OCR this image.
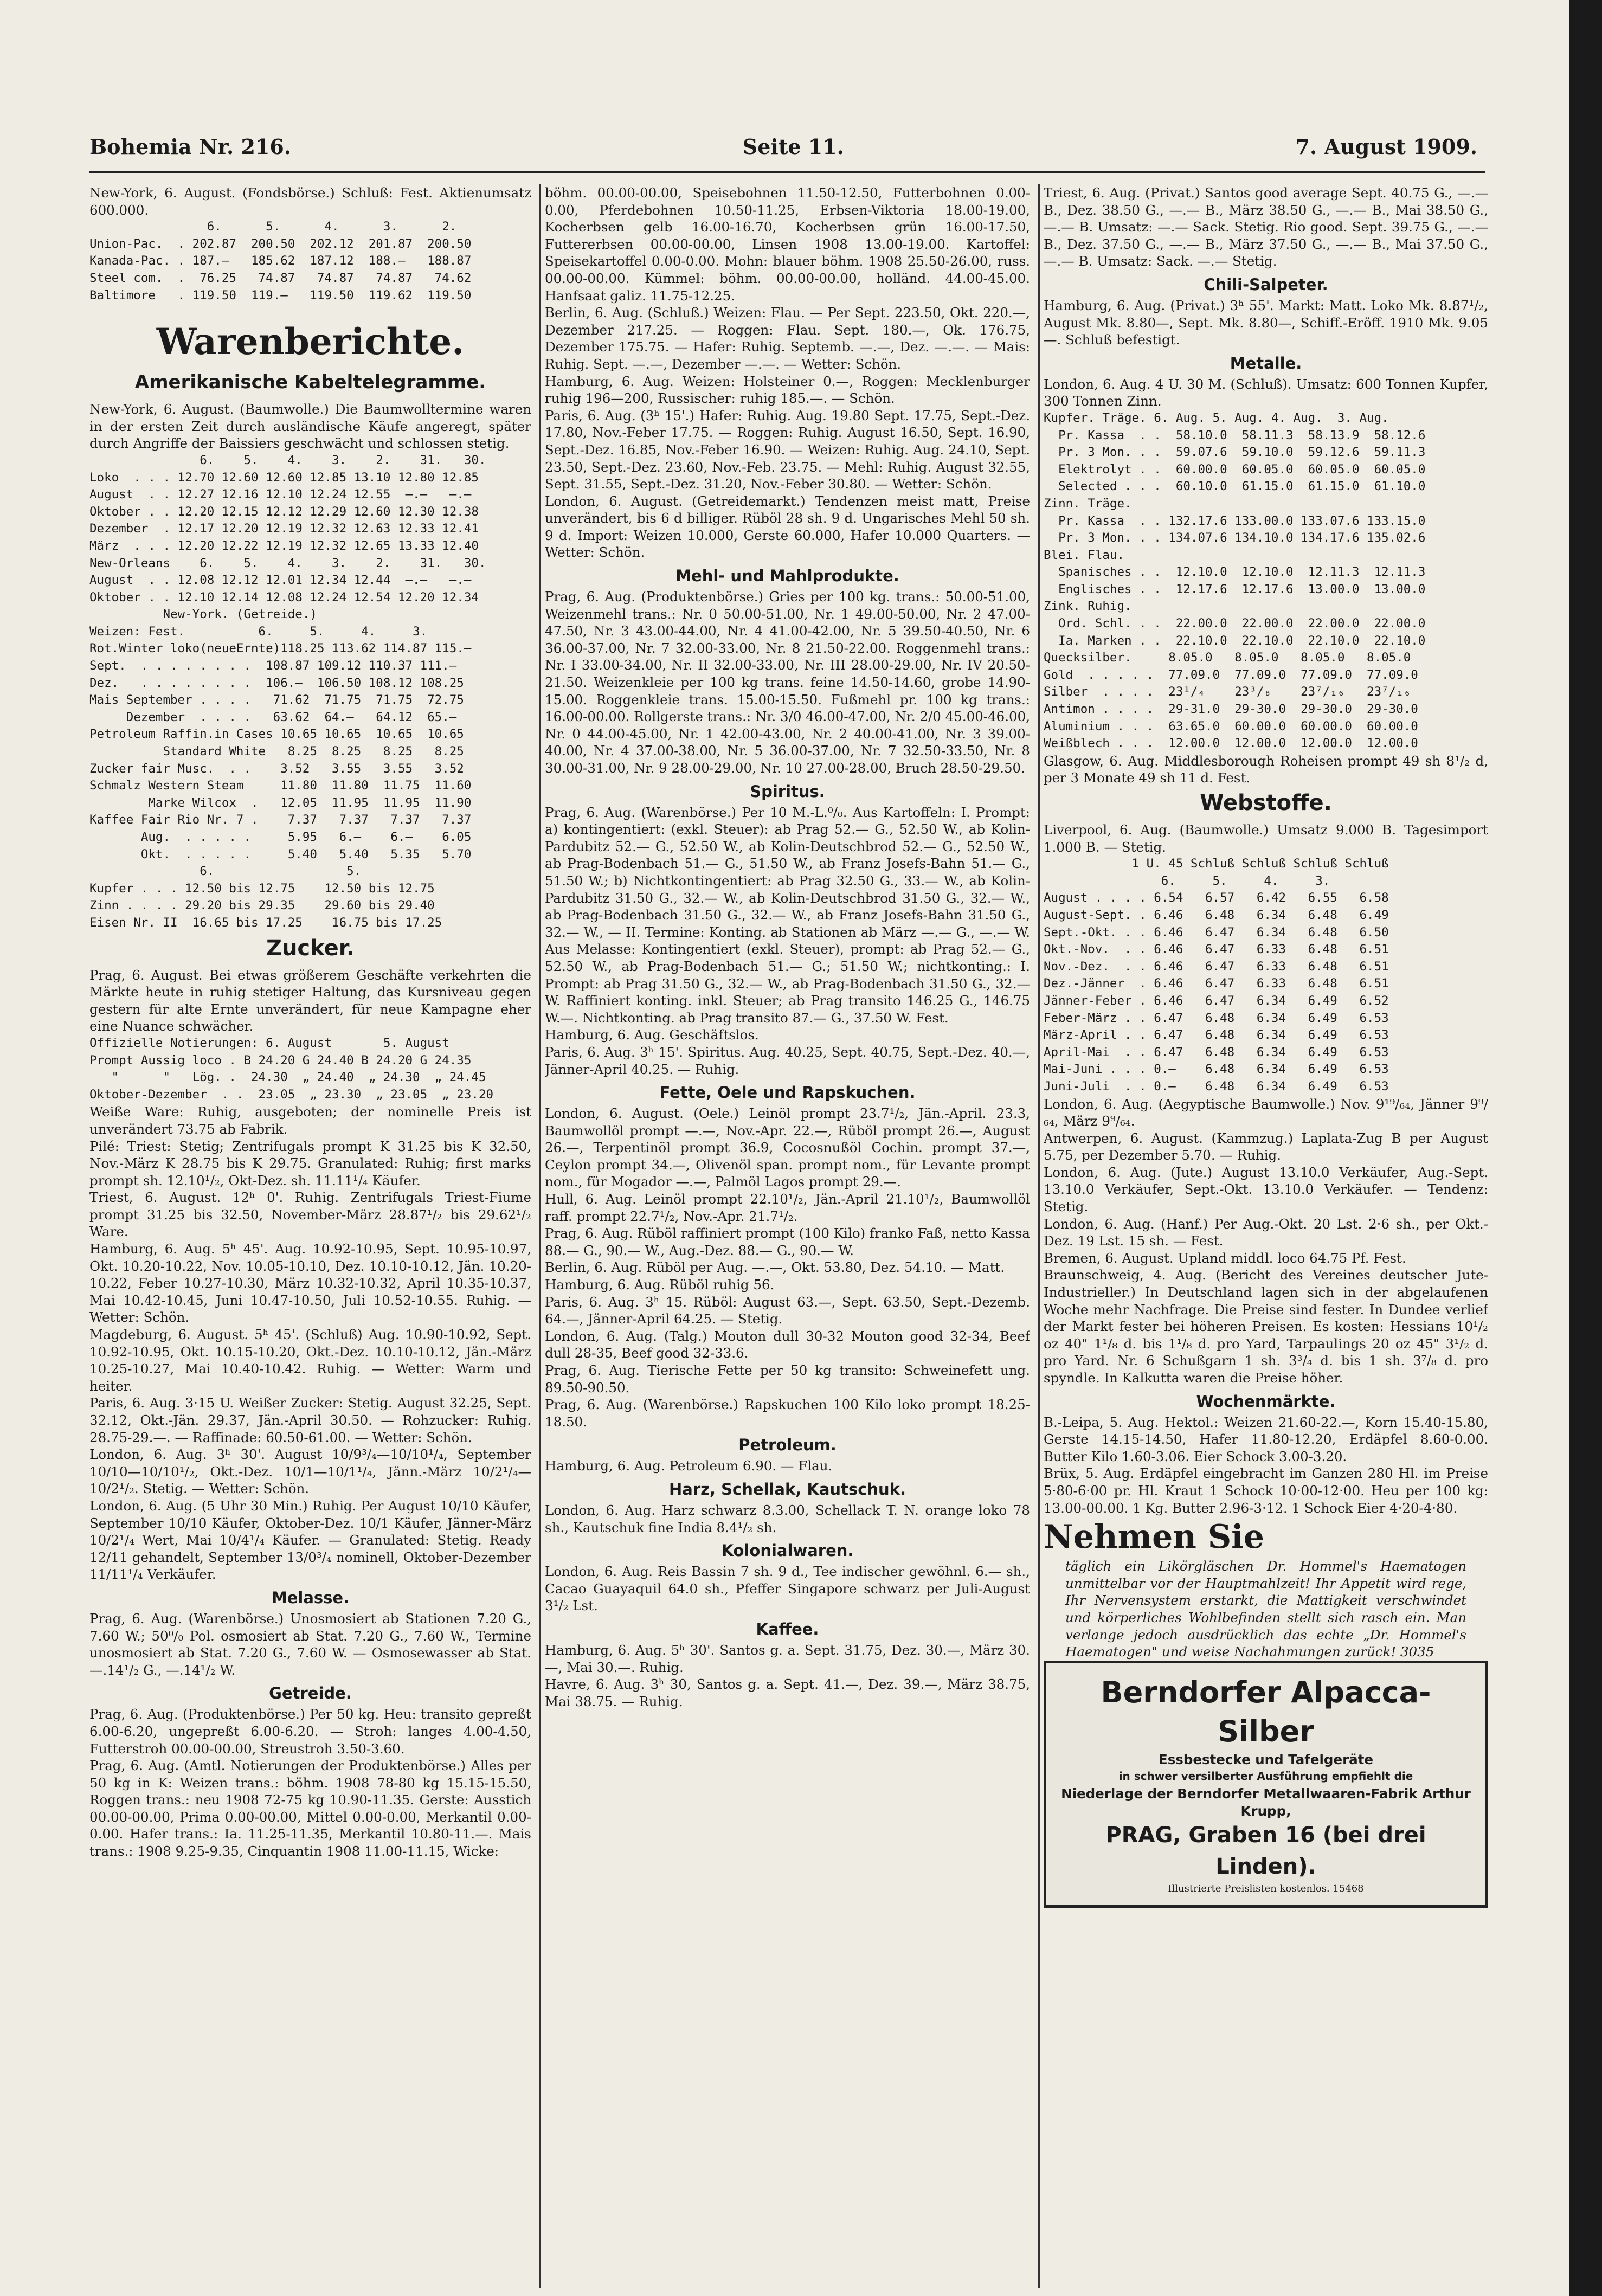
Bohemia Nr. 216.	Seite 11.	7. August 1909.

New-York, 6. August. (Fondsbörse.) Schluß: Fest. Aktienumsatz 600.000.

6.      5.      4.      3.      2.
Union-Pac.  . 202.87  200.50  202.12  201.87  200.50
Kanada-Pac. . 187.—   185.62  187.12  188.—   188.87
Steel com.  .  76.25   74.87   74.87   74.87   74.62
Baltimore   . 119.50  119.—   119.50  119.62  119.50
Warenberichte.
Amerikanische Kabeltelegramme.

New-York, 6. August. (Baumwolle.) Die Baumwolltermine waren in der ersten Zeit durch ausländische Käufe angeregt, später durch Angriffe der Baissiers geschwächt und schlossen stetig.

6.    5.    4.    3.    2.    31.   30.
Loko  . . . 12.70 12.60 12.60 12.85 13.10 12.80 12.85
August  . . 12.27 12.16 12.10 12.24 12.55  —.—   —.—
Oktober . . 12.20 12.15 12.12 12.29 12.60 12.30 12.38
Dezember  . 12.17 12.20 12.19 12.32 12.63 12.33 12.41
März  . . . 12.20 12.22 12.19 12.32 12.65 13.33 12.40
New-Orleans    6.    5.    4.    3.    2.    31.   30.
August  . . 12.08 12.12 12.01 12.34 12.44  —.—   —.—
Oktober . . 12.10 12.14 12.08 12.24 12.54 12.20 12.34
New-York. (Getreide.)
Weizen: Fest.          6.     5.     4.     3.
Rot.Winter loko(neueErnte)118.25 113.62 114.87 115.—
Sept.  . . . . . . . .  108.87 109.12 110.37 111.—
Dez.   . . . . . . . .  106.—  106.50 108.12 108.25
Mais September . . . .   71.62  71.75  71.75  72.75
Dezember  . . . .   63.62  64.—   64.12  65.—
Petroleum Raffin.in Cases 10.65 10.65  10.65  10.65
Standard White   8.25  8.25   8.25   8.25
Zucker fair Musc.  . .    3.52   3.55   3.55   3.52
Schmalz Western Steam     11.80  11.80  11.75  11.60
Marke Wilcox  .   12.05  11.95  11.95  11.90
Kaffee Fair Rio Nr. 7 .    7.37   7.37   7.37   7.37
Aug.  . . . . .     5.95   6.—    6.—    6.05
Okt.  . . . . .     5.40   5.40   5.35   5.70
6.                  5.
Kupfer . . . 12.50 bis 12.75    12.50 bis 12.75
Zinn . . . . 29.20 bis 29.35    29.60 bis 29.40
Eisen Nr. II  16.65 bis 17.25    16.75 bis 17.25
Zucker.

Prag, 6. August. Bei etwas größerem Geschäfte verkehrten die Märkte heute in ruhig stetiger Haltung, das Kursniveau gegen gestern für alte Ernte unverändert, für neue Kampagne eher eine Nuance schwächer.

Offizielle Notierungen: 6. August       5. August
Prompt Aussig loco . B 24.20 G 24.40 B 24.20 G 24.35
"      "   Lög. .  24.30  „ 24.40  „ 24.30  „ 24.45
Oktober-Dezember  . .  23.05  „ 23.30  „ 23.05  „ 23.20

Weiße Ware: Ruhig, ausgeboten; der nominelle Preis ist unverändert 73.75 ab Fabrik.

Pilé: Triest: Stetig; Zentrifugals prompt K 31.25 bis K 32.50, Nov.-März K 28.75 bis K 29.75. Granulated: Ruhig; first marks prompt sh. 12.10¹/₂, Okt-Dez. sh. 11.11¹/₄ Käufer.

Triest, 6. August. 12ʰ 0'. Ruhig. Zentrifugals Triest-Fiume prompt 31.25 bis 32.50, November-März 28.87¹/₂ bis 29.62¹/₂ Ware.

Hamburg, 6. Aug. 5ʰ 45'. Aug. 10.92-10.95, Sept. 10.95-10.97, Okt. 10.20-10.22, Nov. 10.05-10.10, Dez. 10.10-10.12, Jän. 10.20-10.22, Feber 10.27-10.30, März 10.32-10.32, April 10.35-10.37, Mai 10.42-10.45, Juni 10.47-10.50, Juli 10.52-10.55. Ruhig. — Wetter: Schön.

Magdeburg, 6. August. 5ʰ 45'. (Schluß) Aug. 10.90-10.92, Sept. 10.92-10.95, Okt. 10.15-10.20, Okt.-Dez. 10.10-10.12, Jän.-März 10.25-10.27, Mai 10.40-10.42. Ruhig. — Wetter: Warm und heiter.

Paris, 6. Aug. 3·15 U. Weißer Zucker: Stetig. August 32.25, Sept. 32.12, Okt.-Jän. 29.37, Jän.-April 30.50. — Rohzucker: Ruhig. 28.75-29.—. — Raffinade: 60.50-61.00. — Wetter: Schön.

London, 6. Aug. 3ʰ 30'. August 10/9³/₄—10/10¹/₄, September 10/10—10/10¹/₂, Okt.-Dez. 10/1—10/1¹/₄, Jänn.-März 10/2¹/₄—10/2¹/₂. Stetig. — Wetter: Schön.

London, 6. Aug. (5 Uhr 30 Min.) Ruhig. Per August 10/10 Käufer, September 10/10 Käufer, Oktober-Dez. 10/1 Käufer, Jänner-März 10/2¹/₄ Wert, Mai 10/4¹/₄ Käufer. — Granulated: Stetig. Ready 12/11 gehandelt, September 13/0³/₄ nominell, Oktober-Dezember 11/11¹/₄ Verkäufer.

Melasse.

Prag, 6. Aug. (Warenbörse.) Unosmosiert ab Stationen 7.20 G., 7.60 W.; 50⁰/₀ Pol. osmosiert ab Stat. 7.20 G., 7.60 W., Termine unosmosiert ab Stat. 7.20 G., 7.60 W. — Osmosewasser ab Stat. —.14¹/₂ G., —.14¹/₂ W.

Getreide.

Prag, 6. Aug. (Produktenbörse.) Per 50 kg. Heu: transito gepreßt 6.00-6.20, ungepreßt 6.00-6.20. — Stroh: langes 4.00-4.50, Futterstroh 00.00-00.00, Streustroh 3.50-3.60.

Prag, 6. Aug. (Amtl. Notierungen der Produktenbörse.) Alles per 50 kg in K: Weizen trans.: böhm. 1908 78-80 kg 15.15-15.50, Roggen trans.: neu 1908 72-75 kg 10.90-11.35. Gerste: Ausstich 00.00-00.00, Prima 0.00-00.00, Mittel 0.00-0.00, Merkantil 0.00-0.00. Hafer trans.: Ia. 11.25-11.35, Merkantil 10.80-11.—. Mais trans.: 1908 9.25-9.35, Cinquantin 1908 11.00-11.15, Wicke:

böhm. 00.00-00.00, Speisebohnen 11.50-12.50, Futterbohnen 0.00-0.00, Pferdebohnen 10.50-11.25, Erbsen-Viktoria 18.00-19.00, Kocherbsen gelb 16.00-16.70, Kocherbsen grün 16.00-17.50, Futtererbsen 00.00-00.00, Linsen 1908 13.00-19.00. Kartoffel: Speisekartoffel 0.00-0.00. Mohn: blauer böhm. 1908 25.50-26.00, russ. 00.00-00.00. Kümmel: böhm. 00.00-00.00, holländ. 44.00-45.00. Hanfsaat galiz. 11.75-12.25.

Berlin, 6. Aug. (Schluß.) Weizen: Flau. — Per Sept. 223.50, Okt. 220.—, Dezember 217.25. — Roggen: Flau. Sept. 180.—, Ok. 176.75, Dezember 175.75. — Hafer: Ruhig. Septemb. —.—, Dez. —.—. — Mais: Ruhig. Sept. —.—, Dezember —.—. — Wetter: Schön.

Hamburg, 6. Aug. Weizen: Holsteiner 0.—, Roggen: Mecklenburger ruhig 196—200, Russischer: ruhig 185.—. — Schön.

Paris, 6. Aug. (3ʰ 15'.) Hafer: Ruhig. Aug. 19.80 Sept. 17.75, Sept.-Dez. 17.80, Nov.-Feber 17.75. — Roggen: Ruhig. August 16.50, Sept. 16.90, Sept.-Dez. 16.85, Nov.-Feber 16.90. — Weizen: Ruhig. Aug. 24.10, Sept. 23.50, Sept.-Dez. 23.60, Nov.-Feb. 23.75. — Mehl: Ruhig. August 32.55, Sept. 31.55, Sept.-Dez. 31.20, Nov.-Feber 30.80. — Wetter: Schön.

London, 6. August. (Getreidemarkt.) Tendenzen meist matt, Preise unverändert, bis 6 d billiger. Rüböl 28 sh. 9 d. Ungarisches Mehl 50 sh. 9 d. Import: Weizen 10.000, Gerste 60.000, Hafer 10.000 Quarters. — Wetter: Schön.

Mehl- und Mahlprodukte.

Prag, 6. Aug. (Produktenbörse.) Gries per 100 kg. trans.: 50.00-51.00, Weizenmehl trans.: Nr. 0 50.00-51.00, Nr. 1 49.00-50.00, Nr. 2 47.00-47.50, Nr. 3 43.00-44.00, Nr. 4 41.00-42.00, Nr. 5 39.50-40.50, Nr. 6 36.00-37.00, Nr. 7 32.00-33.00, Nr. 8 21.50-22.00. Roggenmehl trans.: Nr. I 33.00-34.00, Nr. II 32.00-33.00, Nr. III 28.00-29.00, Nr. IV 20.50-21.50. Weizenkleie per 100 kg trans. feine 14.50-14.60, grobe 14.90-15.00. Roggenkleie trans. 15.00-15.50. Fußmehl pr. 100 kg trans.: 16.00-00.00. Rollgerste trans.: Nr. 3/0 46.00-47.00, Nr. 2/0 45.00-46.00, Nr. 0 44.00-45.00, Nr. 1 42.00-43.00, Nr. 2 40.00-41.00, Nr. 3 39.00-40.00, Nr. 4 37.00-38.00, Nr. 5 36.00-37.00, Nr. 7 32.50-33.50, Nr. 8 30.00-31.00, Nr. 9 28.00-29.00, Nr. 10 27.00-28.00, Bruch 28.50-29.50.

Spiritus.

Prag, 6. Aug. (Warenbörse.) Per 10 M.-L.⁰/₀. Aus Kartoffeln: I. Prompt: a) kontingentiert: (exkl. Steuer): ab Prag 52.— G., 52.50 W., ab Kolin-Pardubitz 52.— G., 52.50 W., ab Kolin-Deutschbrod 52.— G., 52.50 W., ab Prag-Bodenbach 51.— G., 51.50 W., ab Franz Josefs-Bahn 51.— G., 51.50 W.; b) Nichtkontingentiert: ab Prag 32.50 G., 33.— W., ab Kolin-Pardubitz 31.50 G., 32.— W., ab Kolin-Deutschbrod 31.50 G., 32.— W., ab Prag-Bodenbach 31.50 G., 32.— W., ab Franz Josefs-Bahn 31.50 G., 32.— W., — II. Termine: Konting. ab Stationen ab März —.— G., —.— W. Aus Melasse: Kontingentiert (exkl. Steuer), prompt: ab Prag 52.— G., 52.50 W., ab Prag-Bodenbach 51.— G.; 51.50 W.; nichtkonting.: I. Prompt: ab Prag 31.50 G., 32.— W., ab Prag-Bodenbach 31.50 G., 32.— W. Raffiniert konting. inkl. Steuer; ab Prag transito 146.25 G., 146.75 W.—. Nichtkonting. ab Prag transito 87.— G., 37.50 W. Fest.

Hamburg, 6. Aug. Geschäftslos.

Paris, 6. Aug. 3ʰ 15'. Spiritus. Aug. 40.25, Sept. 40.75, Sept.-Dez. 40.—, Jänner-April 40.25. — Ruhig.

Fette, Oele und Rapskuchen.

London, 6. August. (Oele.) Leinöl prompt 23.7¹/₂, Jän.-April. 23.3, Baumwollöl prompt —.—, Nov.-Apr. 22.—, Rüböl prompt 26.—, August 26.—, Terpentinöl prompt 36.9, Cocosnußöl Cochin. prompt 37.—, Ceylon prompt 34.—, Olivenöl span. prompt nom., für Levante prompt nom., für Mogador —.—, Palmöl Lagos prompt 29.—.

Hull, 6. Aug. Leinöl prompt 22.10¹/₂, Jän.-April 21.10¹/₂, Baumwollöl raff. prompt 22.7¹/₂, Nov.-Apr. 21.7¹/₂.

Prag, 6. Aug. Rüböl raffiniert prompt (100 Kilo) franko Faß, netto Kassa 88.— G., 90.— W., Aug.-Dez. 88.— G., 90.— W.

Berlin, 6. Aug. Rüböl per Aug. —.—, Okt. 53.80, Dez. 54.10. — Matt.

Hamburg, 6. Aug. Rüböl ruhig 56.

Paris, 6. Aug. 3ʰ 15. Rüböl: August 63.—, Sept. 63.50, Sept.-Dezemb. 64.—, Jänner-April 64.25. — Stetig.

London, 6. Aug. (Talg.) Mouton dull 30-32 Mouton good 32-34, Beef dull 28-35, Beef good 32-33.6.

Prag, 6. Aug. Tierische Fette per 50 kg transito: Schweinefett ung. 89.50-90.50.

Prag, 6. Aug. (Warenbörse.) Rapskuchen 100 Kilo loko prompt 18.25-18.50.

Petroleum.

Hamburg, 6. Aug. Petroleum 6.90. — Flau.

Harz, Schellak, Kautschuk.

London, 6. Aug. Harz schwarz 8.3.00, Schellack T. N. orange loko 78 sh., Kautschuk fine India 8.4¹/₂ sh.

Kolonialwaren.

London, 6. Aug. Reis Bassin 7 sh. 9 d., Tee indischer gewöhnl. 6.— sh., Cacao Guayaquil 64.0 sh., Pfeffer Singapore schwarz per Juli-August 3¹/₂ Lst.

Kaffee.

Hamburg, 6. Aug. 5ʰ 30'. Santos g. a. Sept. 31.75, Dez. 30.—, März 30.—, Mai 30.—. Ruhig.

Havre, 6. Aug. 3ʰ 30, Santos g. a. Sept. 41.—, Dez. 39.—, März 38.75, Mai 38.75. — Ruhig.

Triest, 6. Aug. (Privat.) Santos good average Sept. 40.75 G., —.— B., Dez. 38.50 G., —.— B., März 38.50 G., —.— B., Mai 38.50 G., —.— B. Umsatz: —.— Sack. Stetig. Rio good. Sept. 39.75 G., —.— B., Dez. 37.50 G., —.— B., März 37.50 G., —.— B., Mai 37.50 G., —.— B. Umsatz: Sack. —.— Stetig.

Chili-Salpeter.

Hamburg, 6. Aug. (Privat.) 3ʰ 55'. Markt: Matt. Loko Mk. 8.87¹/₂, August Mk. 8.80—, Sept. Mk. 8.80—, Schiff.-Eröff. 1910 Mk. 9.05—. Schluß befestigt.

Metalle.

London, 6. Aug. 4 U. 30 M. (Schluß). Umsatz: 600 Tonnen Kupfer, 300 Tonnen Zinn.

Kupfer. Träge. 6. Aug. 5. Aug. 4. Aug.  3. Aug.
Pr. Kassa  . .  58.10.0  58.11.3  58.13.9  58.12.6
Pr. 3 Mon. . .  59.07.6  59.10.0  59.12.6  59.11.3
Elektrolyt . .  60.00.0  60.05.0  60.05.0  60.05.0
Selected . . .  60.10.0  61.15.0  61.15.0  61.10.0
Zinn. Träge.
Pr. Kassa  . . 132.17.6 133.00.0 133.07.6 133.15.0
Pr. 3 Mon. . . 134.07.6 134.10.0 134.17.6 135.02.6
Blei. Flau.
Spanisches . .  12.10.0  12.10.0  12.11.3  12.11.3
Englisches . .  12.17.6  12.17.6  13.00.0  13.00.0
Zink. Ruhig.
Ord. Schl. . .  22.00.0  22.00.0  22.00.0  22.00.0
Ia. Marken . .  22.10.0  22.10.0  22.10.0  22.10.0
Quecksilber.     8.05.0   8.05.0   8.05.0   8.05.0
Gold  . . . . .  77.09.0  77.09.0  77.09.0  77.09.0
Silber  . . . .  23¹/₄    23³/₈    23⁷/₁₆   23⁷/₁₆
Antimon . . . .  29-31.0  29-30.0  29-30.0  29-30.0
Aluminium . . .  63.65.0  60.00.0  60.00.0  60.00.0
Weißblech . . .  12.00.0  12.00.0  12.00.0  12.00.0

Glasgow, 6. Aug. Middlesborough Roheisen prompt 49 sh 8¹/₂ d, per 3 Monate 49 sh 11 d. Fest.

Webstoffe.

Liverpool, 6. Aug. (Baumwolle.) Umsatz 9.000 B. Tagesimport 1.000 B. — Stetig.

1 U. 45 Schluß Schluß Schluß Schluß
6.     5.     4.     3.
August . . . . 6.54   6.57   6.42   6.55   6.58
August-Sept. . 6.46   6.48   6.34   6.48   6.49
Sept.-Okt. . . 6.46   6.47   6.34   6.48   6.50
Okt.-Nov.  . . 6.46   6.47   6.33   6.48   6.51
Nov.-Dez.  . . 6.46   6.47   6.33   6.48   6.51
Dez.-Jänner  . 6.46   6.47   6.33   6.48   6.51
Jänner-Feber . 6.46   6.47   6.34   6.49   6.52
Feber-März . . 6.47   6.48   6.34   6.49   6.53
März-April . . 6.47   6.48   6.34   6.49   6.53
April-Mai  . . 6.47   6.48   6.34   6.49   6.53
Mai-Juni . . . 0.—    6.48   6.34   6.49   6.53
Juni-Juli  . . 0.—    6.48   6.34   6.49   6.53

London, 6. Aug. (Aegyptische Baumwolle.) Nov. 9¹⁹/₆₄, Jänner 9⁹/₆₄, März 9⁹/₆₄.

Antwerpen, 6. August. (Kammzug.) Laplata-Zug B per August 5.75, per Dezember 5.70. — Ruhig.

London, 6. Aug. (Jute.) August 13.10.0 Verkäufer, Aug.-Sept. 13.10.0 Verkäufer, Sept.-Okt. 13.10.0 Verkäufer. — Tendenz: Stetig.

London, 6. Aug. (Hanf.) Per Aug.-Okt. 20 Lst. 2·6 sh., per Okt.-Dez. 19 Lst. 15 sh. — Fest.

Bremen, 6. August. Upland middl. loco 64.75 Pf. Fest.

Braunschweig, 4. Aug. (Bericht des Vereines deutscher Jute-Industrieller.) In Deutschland lagen sich in der abgelaufenen Woche mehr Nachfrage. Die Preise sind fester. In Dundee verlief der Markt fester bei höheren Preisen. Es kosten: Hessians 10¹/₂ oz 40" 1¹/₈ d. bis 1¹/₈ d. pro Yard, Tarpaulings 20 oz 45" 3¹/₂ d. pro Yard. Nr. 6 Schußgarn 1 sh. 3³/₄ d. bis 1 sh. 3⁷/₈ d. pro spyndle. In Kalkutta waren die Preise höher.

Wochenmärkte.

B.-Leipa, 5. Aug. Hektol.: Weizen 21.60-22.—, Korn 15.40-15.80, Gerste 14.15-14.50, Hafer 11.80-12.20, Erdäpfel 8.60-0.00. Butter Kilo 1.60-3.06. Eier Schock 3.00-3.20.

Brüx, 5. Aug. Erdäpfel eingebracht im Ganzen 280 Hl. im Preise 5·80-6·00 pr. Hl. Kraut 1 Schock 10·00-12·00. Heu per 100 kg: 13.00-00.00. 1 Kg. Butter 2.96-3·12. 1 Schock Eier 4·20-4·80.

Nehmen Sie

täglich ein Likörgläschen Dr. Hommel's Haematogen unmittelbar vor der Hauptmahlzeit! Ihr Appetit wird rege, Ihr Nervensystem erstarkt, die Mattigkeit verschwindet und körperliches Wohlbefinden stellt sich rasch ein. Man verlange jedoch ausdrücklich das echte „Dr. Hommel's Haematogen" und weise Nachahmungen zurück! 3035

Berndorfer Alpacca-Silber
Essbestecke und Tafelgeräte
in schwer versilberter Ausführung empfiehlt die
Niederlage der Berndorfer Metallwaaren-Fabrik Arthur Krupp,
PRAG, Graben 16 (bei drei Linden).
Illustrierte Preislisten kostenlos. 15468
